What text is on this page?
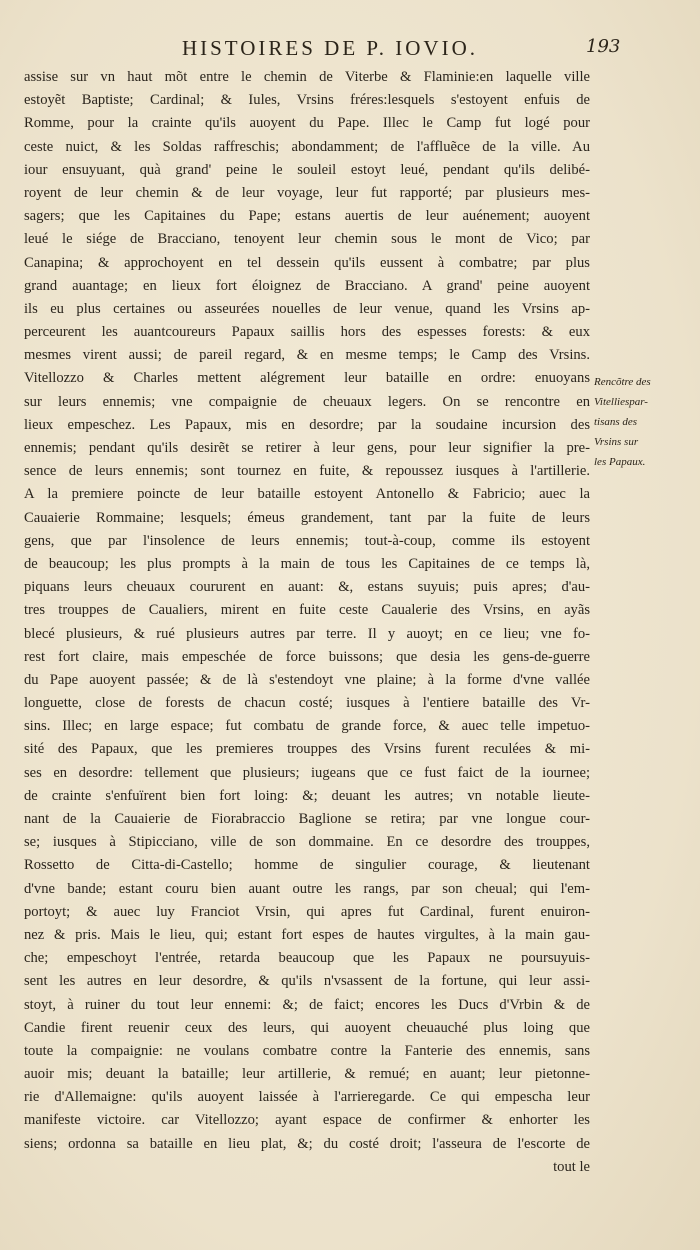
HISTOIRES DE P. IOVIO.	193
assise sur vn haut mõt entre le chemin de Viterbe & Flaminie:en laquelle ville
estoyẽt Baptiste; Cardinal; & Iules, Vrsins fréres:lesquels s'estoyent enfuis de
Romme, pour la crainte qu'ils auoyent du Pape. Illec le Camp fut logé pour
ceste nuict, & les Soldas raffreschis; abondamment; de l'affluẽce de la ville. Au
iour ensuyuant, quà grand' peine le souleil estoyt leué, pendant qu'ils delibé-
royent de leur chemin & de leur voyage, leur fut rapporté; par plusieurs mes-
sagers; que les Capitaines du Pape; estans auertis de leur auénement; auoyent
leué le siége de Bracciano, tenoyent leur chemin sous le mont de Vico; par
Canapina; & approchoyent en tel dessein qu'ils eussent à combatre; par plus
grand auantage; en lieux fort éloignez de Bracciano. A grand' peine auoyent
ils eu plus certaines ou asseurées nouelles de leur venue, quand les Vrsins ap-
perceurent les auantcoureurs Papaux saillis hors des espesses forests: & eux
mesmes virent aussi; de pareil regard, & en mesme temps; le Camp des Vrsins.
Vitellozzo & Charles mettent alégrement leur bataille en ordre: enuoyans
sur leurs ennemis; vne compaignie de cheuaux legers. On se rencontre en
lieux empeschez. Les Papaux, mis en desordre; par la soudaine incursion des
ennemis; pendant qu'ils desirẽt se retirer à leur gens, pour leur signifier la pre-
sence de leurs ennemis; sont tournez en fuite, & repoussez iusques à l'artillerie.
A la premiere poincte de leur bataille estoyent Antonello & Fabricio; auec la
Cauaierie Rommaine; lesquels; émeus grandement, tant par la fuite de leurs
gens, que par l'insolence de leurs ennemis; tout-à-coup, comme ils estoyent
de beaucoup; les plus prompts à la main de tous les Capitaines de ce temps là,
piquans leurs cheuaux coururent en auant: &, estans suyuis; puis apres; d'au-
tres trouppes de Caualiers, mirent en fuite ceste Caualerie des Vrsins, en ayãs
blecé plusieurs, & rué plusieurs autres par terre. Il y auoyt; en ce lieu; vne fo-
rest fort claire, mais empeschée de force buissons; que desia les gens-de-guerre
du Pape auoyent passée; & de là s'estendoyt vne plaine; à la forme d'vne vallée
longuette, close de forests de chacun costé; iusques à l'entiere bataille des Vr-
sins. Illec; en large espace; fut combatu de grande force, & auec telle impetuo-
sité des Papaux, que les premieres trouppes des Vrsins furent reculées & mi-
ses en desordre: tellement que plusieurs; iugeans que ce fust faict de la iournee;
de crainte s'enfuïrent bien fort loing: &; deuant les autres; vn notable lieute-
nant de la Cauaierie de Fiorabraccio Baglione se retira; par vne longue cour-
se; iusques à Stipicciano, ville de son dommaine. En ce desordre des trouppes,
Rossetto de Citta-di-Castello; homme de singulier courage, & lieutenant
d'vne bande; estant couru bien auant outre les rangs, par son cheual; qui l'em-
portoyt; & auec luy Franciot Vrsin, qui apres fut Cardinal, furent enuiron-
nez & pris. Mais le lieu, qui; estant fort espes de hautes virgultes, à la main gau-
che; empeschoyt l'entrée, retarda beaucoup que les Papaux ne poursuyuis-
sent les autres en leur desordre, & qu'ils n'vsassent de la fortune, qui leur assi-
stoyt, à ruiner du tout leur ennemi: &; de faict; encores les Ducs d'Vrbin & de
Candie firent reuenir ceux des leurs, qui auoyent cheuauché plus loing que
toute la compaignie: ne voulans combatre contre la Fanterie des ennemis, sans
auoir mis; deuant la bataille; leur artillerie, & remué; en auant; leur pietonne-
rie d'Allemaigne: qu'ils auoyent laissée à l'arrieregarde. Ce qui empescha leur
manifeste victoire. car Vitellozzo; ayant espace de confirmer & enhorter les
siens; ordonna sa bataille en lieu plat, &; du costé droit; l'asseura de l'escorte de
tout le
Rencõtre des
Vitelliespar-
tisans des
Vrsins sur
les Papaux.
